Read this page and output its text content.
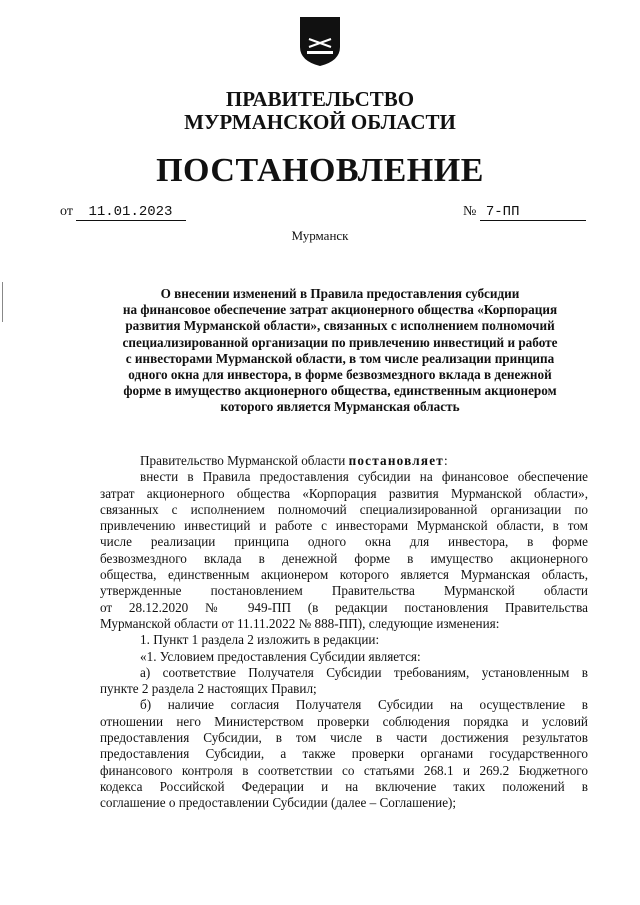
ПРАВИТЕЛЬСТВО
МУРМАНСКОЙ ОБЛАСТИ
ПОСТАНОВЛЕНИЕ
от 11.01.2023	№ 7-ПП
Мурманск
О внесении изменений в Правила предоставления субсидии
на финансовое обеспечение затрат акционерного общества «Корпорация
развития Мурманской области», связанных с исполнением полномочий
специализированной организации по привлечению инвестиций и работе
с инвесторами Мурманской области, в том числе реализации принципа
одного окна для инвестора, в форме безвозмездного вклада в денежной
форме в имущество акционерного общества, единственным акционером
которого является Мурманская область
Правительство Мурманской области постановляет:
внести в Правила предоставления субсидии на финансовое обеспечение
затрат акционерного общества «Корпорация развития Мурманской области»,
связанных с исполнением полномочий специализированной организации по
привлечению инвестиций и работе с инвесторами Мурманской области, в том
числе реализации принципа одного окна для инвестора, в форме
безвозмездного вклада в денежной форме в имущество акционерного
общества, единственным акционером которого является Мурманская область,
утвержденные постановлением Правительства Мурманской области
от 28.12.2020 № 949-ПП (в редакции постановления Правительства
Мурманской области от 11.11.2022 № 888-ПП), следующие изменения:
1. Пункт 1 раздела 2 изложить в редакции:
«1. Условием предоставления Субсидии является:
а) соответствие Получателя Субсидии требованиям, установленным в
пункте 2 раздела 2 настоящих Правил;
б) наличие согласия Получателя Субсидии на осуществление в
отношении него Министерством проверки соблюдения порядка и условий
предоставления Субсидии, в том числе в части достижения результатов
предоставления Субсидии, а также проверки органами государственного
финансового контроля в соответствии со статьями 268.1 и 269.2 Бюджетного
кодекса Российской Федерации и на включение таких положений в
соглашение о предоставлении Субсидии (далее – Соглашение);
